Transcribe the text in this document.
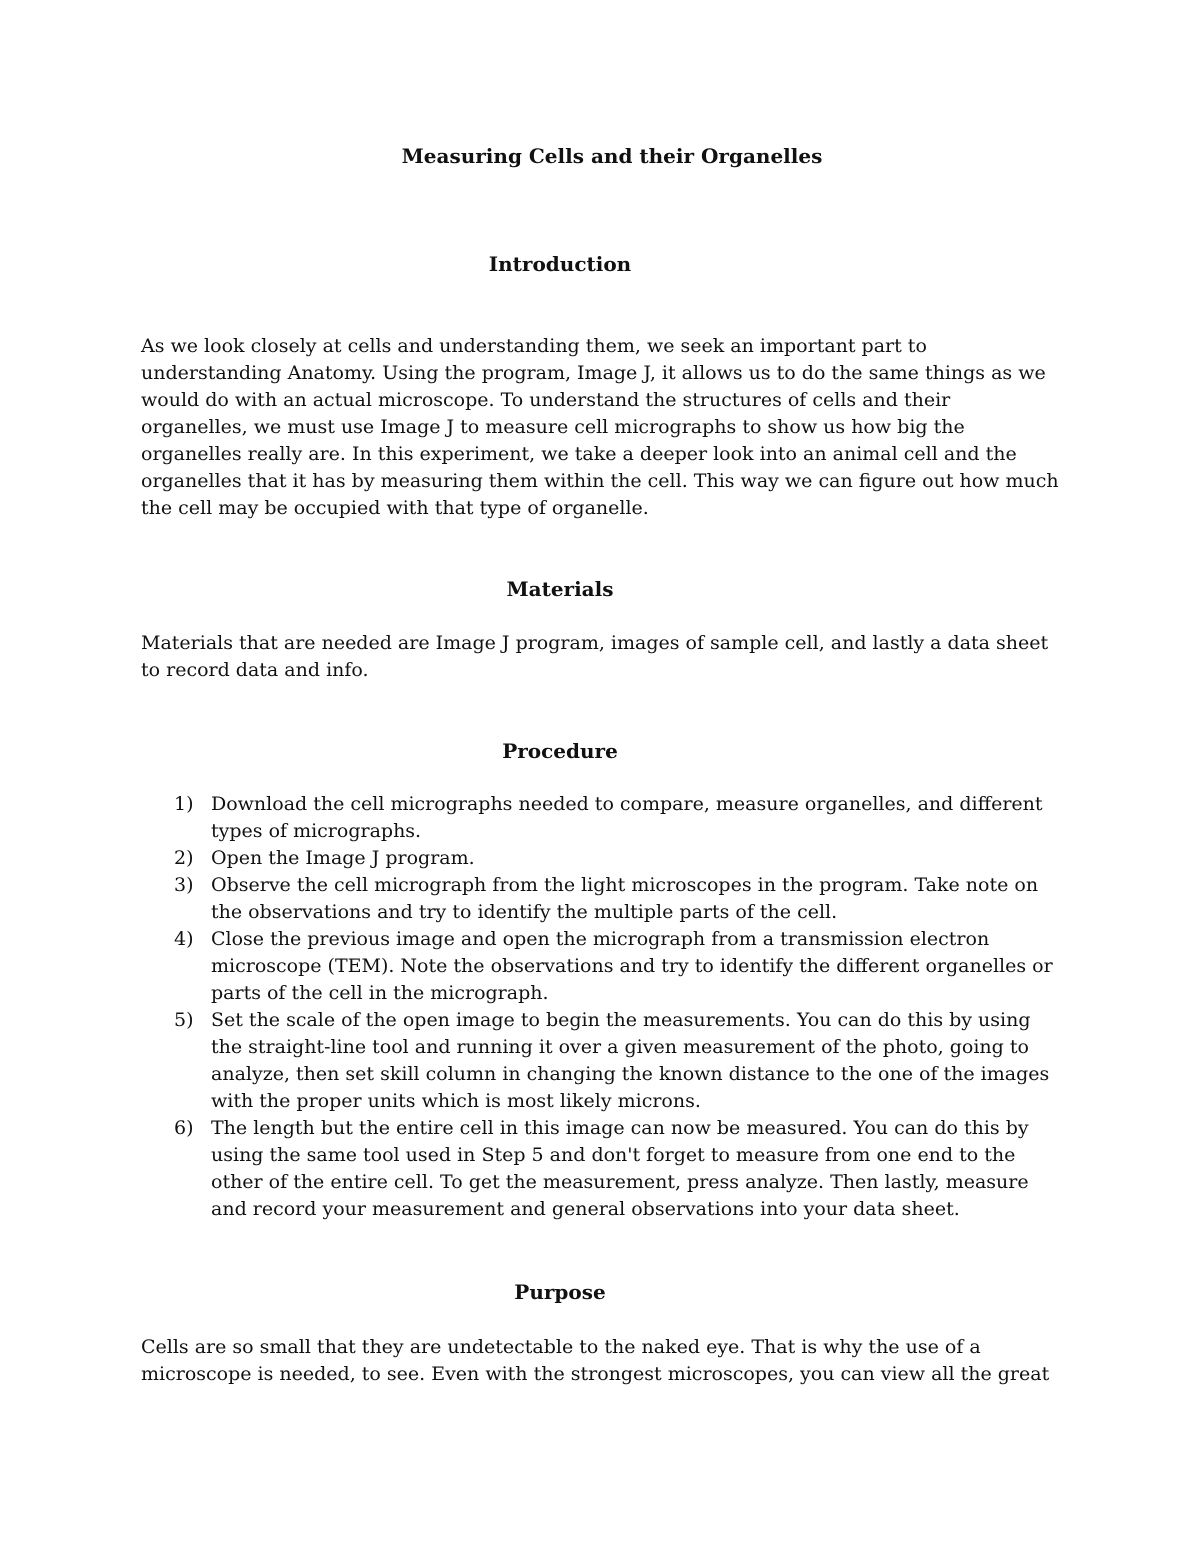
Measuring Cells and their Organelles
Introduction

As we look closely at cells and understanding them, we seek an important part to understanding Anatomy. Using the program, Image J, it allows us to do the same things as we would do with an actual microscope. To understand the structures of cells and their organelles, we must use Image J to measure cell micrographs to show us how big the organelles really are. In this experiment, we take a deeper look into an animal cell and the organelles that it has by measuring them within the cell. This way we can figure out how much the cell may be occupied with that type of organelle.

Materials

Materials that are needed are Image J program, images of sample cell, and lastly a data sheet to record data and info.

Procedure
1) Download the cell micrographs needed to compare, measure organelles, and different types of micrographs.
2) Open the Image J program.
3) Observe the cell micrograph from the light microscopes in the program. Take note on the observations and try to identify the multiple parts of the cell.
4) Close the previous image and open the micrograph from a transmission electron microscope (TEM). Note the observations and try to identify the different organelles or parts of the cell in the micrograph.
5) Set the scale of the open image to begin the measurements. You can do this by using the straight-line tool and running it over a given measurement of the photo, going to analyze, then set skill column in changing the known distance to the one of the images with the proper units which is most likely microns.
6) The length but the entire cell in this image can now be measured. You can do this by using the same tool used in Step 5 and don't forget to measure from one end to the other of the entire cell. To get the measurement, press analyze. Then lastly, measure and record your measurement and general observations into your data sheet.
Purpose

Cells are so small that they are undetectable to the naked eye. That is why the use of a microscope is needed, to see. Even with the strongest microscopes, you can view all the great
